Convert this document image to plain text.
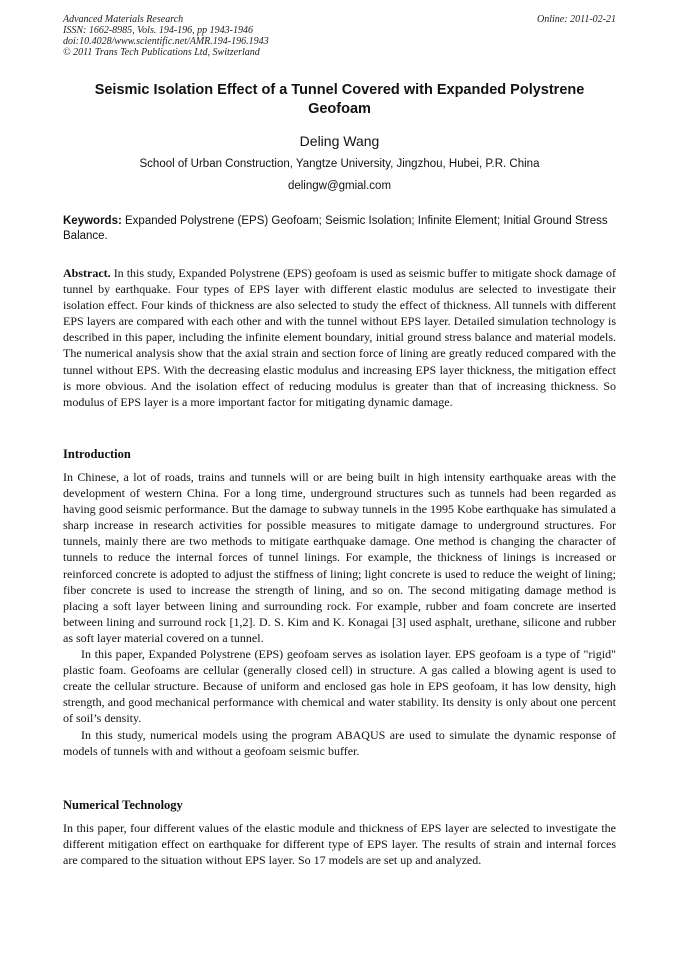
Advanced Materials Research
ISSN: 1662-8985, Vols. 194-196, pp 1943-1946
doi:10.4028/www.scientific.net/AMR.194-196.1943
© 2011 Trans Tech Publications Ltd, Switzerland
Online: 2011-02-21
Seismic Isolation Effect of a Tunnel Covered with Expanded Polystrene Geofoam
Deling Wang
School of Urban Construction, Yangtze University, Jingzhou, Hubei, P.R. China
delingw@gmial.com
Keywords: Expanded Polystrene (EPS) Geofoam; Seismic Isolation; Infinite Element; Initial Ground Stress Balance.
Abstract. In this study, Expanded Polystrene (EPS) geofoam is used as seismic buffer to mitigate shock damage of tunnel by earthquake. Four types of EPS layer with different elastic modulus are selected to investigate their isolation effect. Four kinds of thickness are also selected to study the effect of thickness. All tunnels with different EPS layers are compared with each other and with the tunnel without EPS layer. Detailed simulation technology is described in this paper, including the infinite element boundary, initial ground stress balance and material models. The numerical analysis show that the axial strain and section force of lining are greatly reduced compared with the tunnel without EPS. With the decreasing elastic modulus and increasing EPS layer thickness, the mitigation effect is more obvious. And the isolation effect of reducing modulus is greater than that of increasing thickness. So modulus of EPS layer is a more important factor for mitigating dynamic damage.
Introduction

In Chinese, a lot of roads, trains and tunnels will or are being built in high intensity earthquake areas with the development of western China. For a long time, underground structures such as tunnels had been regarded as having good seismic performance. But the damage to subway tunnels in the 1995 Kobe earthquake has simulated a sharp increase in research activities for possible measures to mitigate damage to underground structures. For tunnels, mainly there are two methods to mitigate earthquake damage. One method is changing the character of tunnels to reduce the internal forces of tunnel linings. For example, the thickness of linings is increased or reinforced concrete is adopted to adjust the stiffness of lining; light concrete is used to reduce the weight of lining; fiber concrete is used to increase the strength of lining, and so on. The second mitigating damage method is placing a soft layer between lining and surrounding rock. For example, rubber and foam concrete are inserted between lining and surround rock [1,2]. D. S. Kim and K. Konagai [3] used asphalt, urethane, silicone and rubber as soft layer material covered on a tunnel.

In this paper, Expanded Polystrene (EPS) geofoam serves as isolation layer. EPS geofoam is a type of "rigid" plastic foam. Geofoams are cellular (generally closed cell) in structure. A gas called a blowing agent is used to create the cellular structure. Because of uniform and enclosed gas hole in EPS geofoam, it has low density, high strength, and good mechanical performance with chemical and water stability. Its density is only about one percent of soil’s density.

In this study, numerical models using the program ABAQUS are used to simulate the dynamic response of models of tunnels with and without a geofoam seismic buffer.

Numerical Technology
In this paper, four different values of the elastic module and thickness of EPS layer are selected to investigate the different mitigation effect on earthquake for different type of EPS layer. The results of strain and internal forces are compared to the situation without EPS layer. So 17 models are set up and analyzed.
